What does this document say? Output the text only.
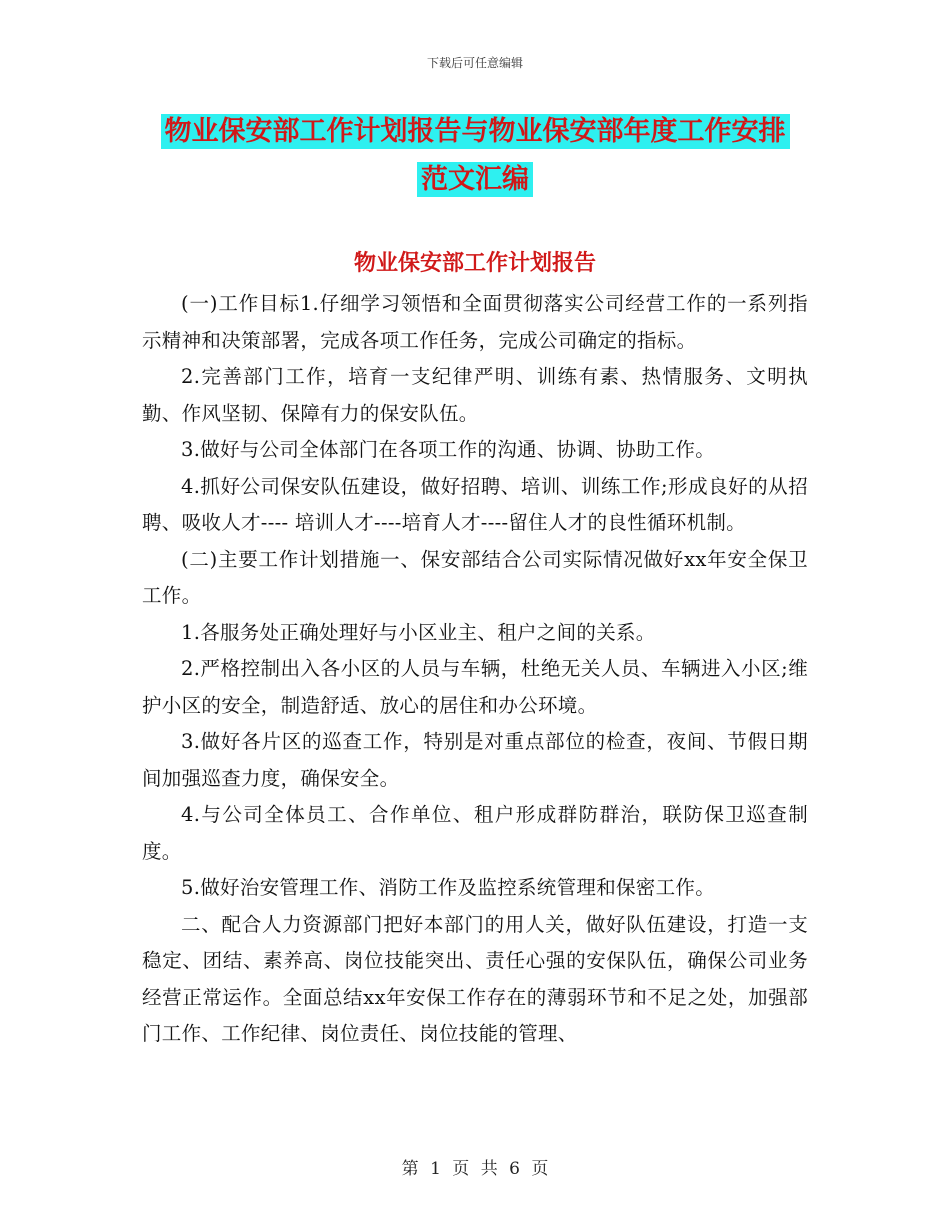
下载后可任意编辑
物业保安部工作计划报告与物业保安部年度工作安排
范文汇编
物业保安部工作计划报告

(一)工作目标1.仔细学习领悟和全面贯彻落实公司经营工作的一系列指示精神和决策部署，完成各项工作任务，完成公司确定的指标。

2.完善部门工作，培育一支纪律严明、训练有素、热情服务、文明执勤、作风坚韧、保障有力的保安队伍。

3.做好与公司全体部门在各项工作的沟通、协调、协助工作。

4.抓好公司保安队伍建设，做好招聘、培训、训练工作;形成良好的从招聘、吸收人才---- 培训人才----培育人才----留住人才的良性循环机制。

(二)主要工作计划措施一、保安部结合公司实际情况做好xx年安全保卫工作。

1.各服务处正确处理好与小区业主、租户之间的关系。

2.严格控制出入各小区的人员与车辆，杜绝无关人员、车辆进入小区;维护小区的安全，制造舒适、放心的居住和办公环境。

3.做好各片区的巡查工作，特别是对重点部位的检查，夜间、节假日期间加强巡查力度，确保安全。

4.与公司全体员工、合作单位、租户形成群防群治，联防保卫巡查制度。

5.做好治安管理工作、消防工作及监控系统管理和保密工作。

二、配合人力资源部门把好本部门的用人关，做好队伍建设，打造一支稳定、团结、素养高、岗位技能突出、责任心强的安保队伍，确保公司业务经营正常运作。全面总结xx年安保工作存在的薄弱环节和不足之处，加强部门工作、工作纪律、岗位责任、岗位技能的管理、

第 1 页 共 6 页
